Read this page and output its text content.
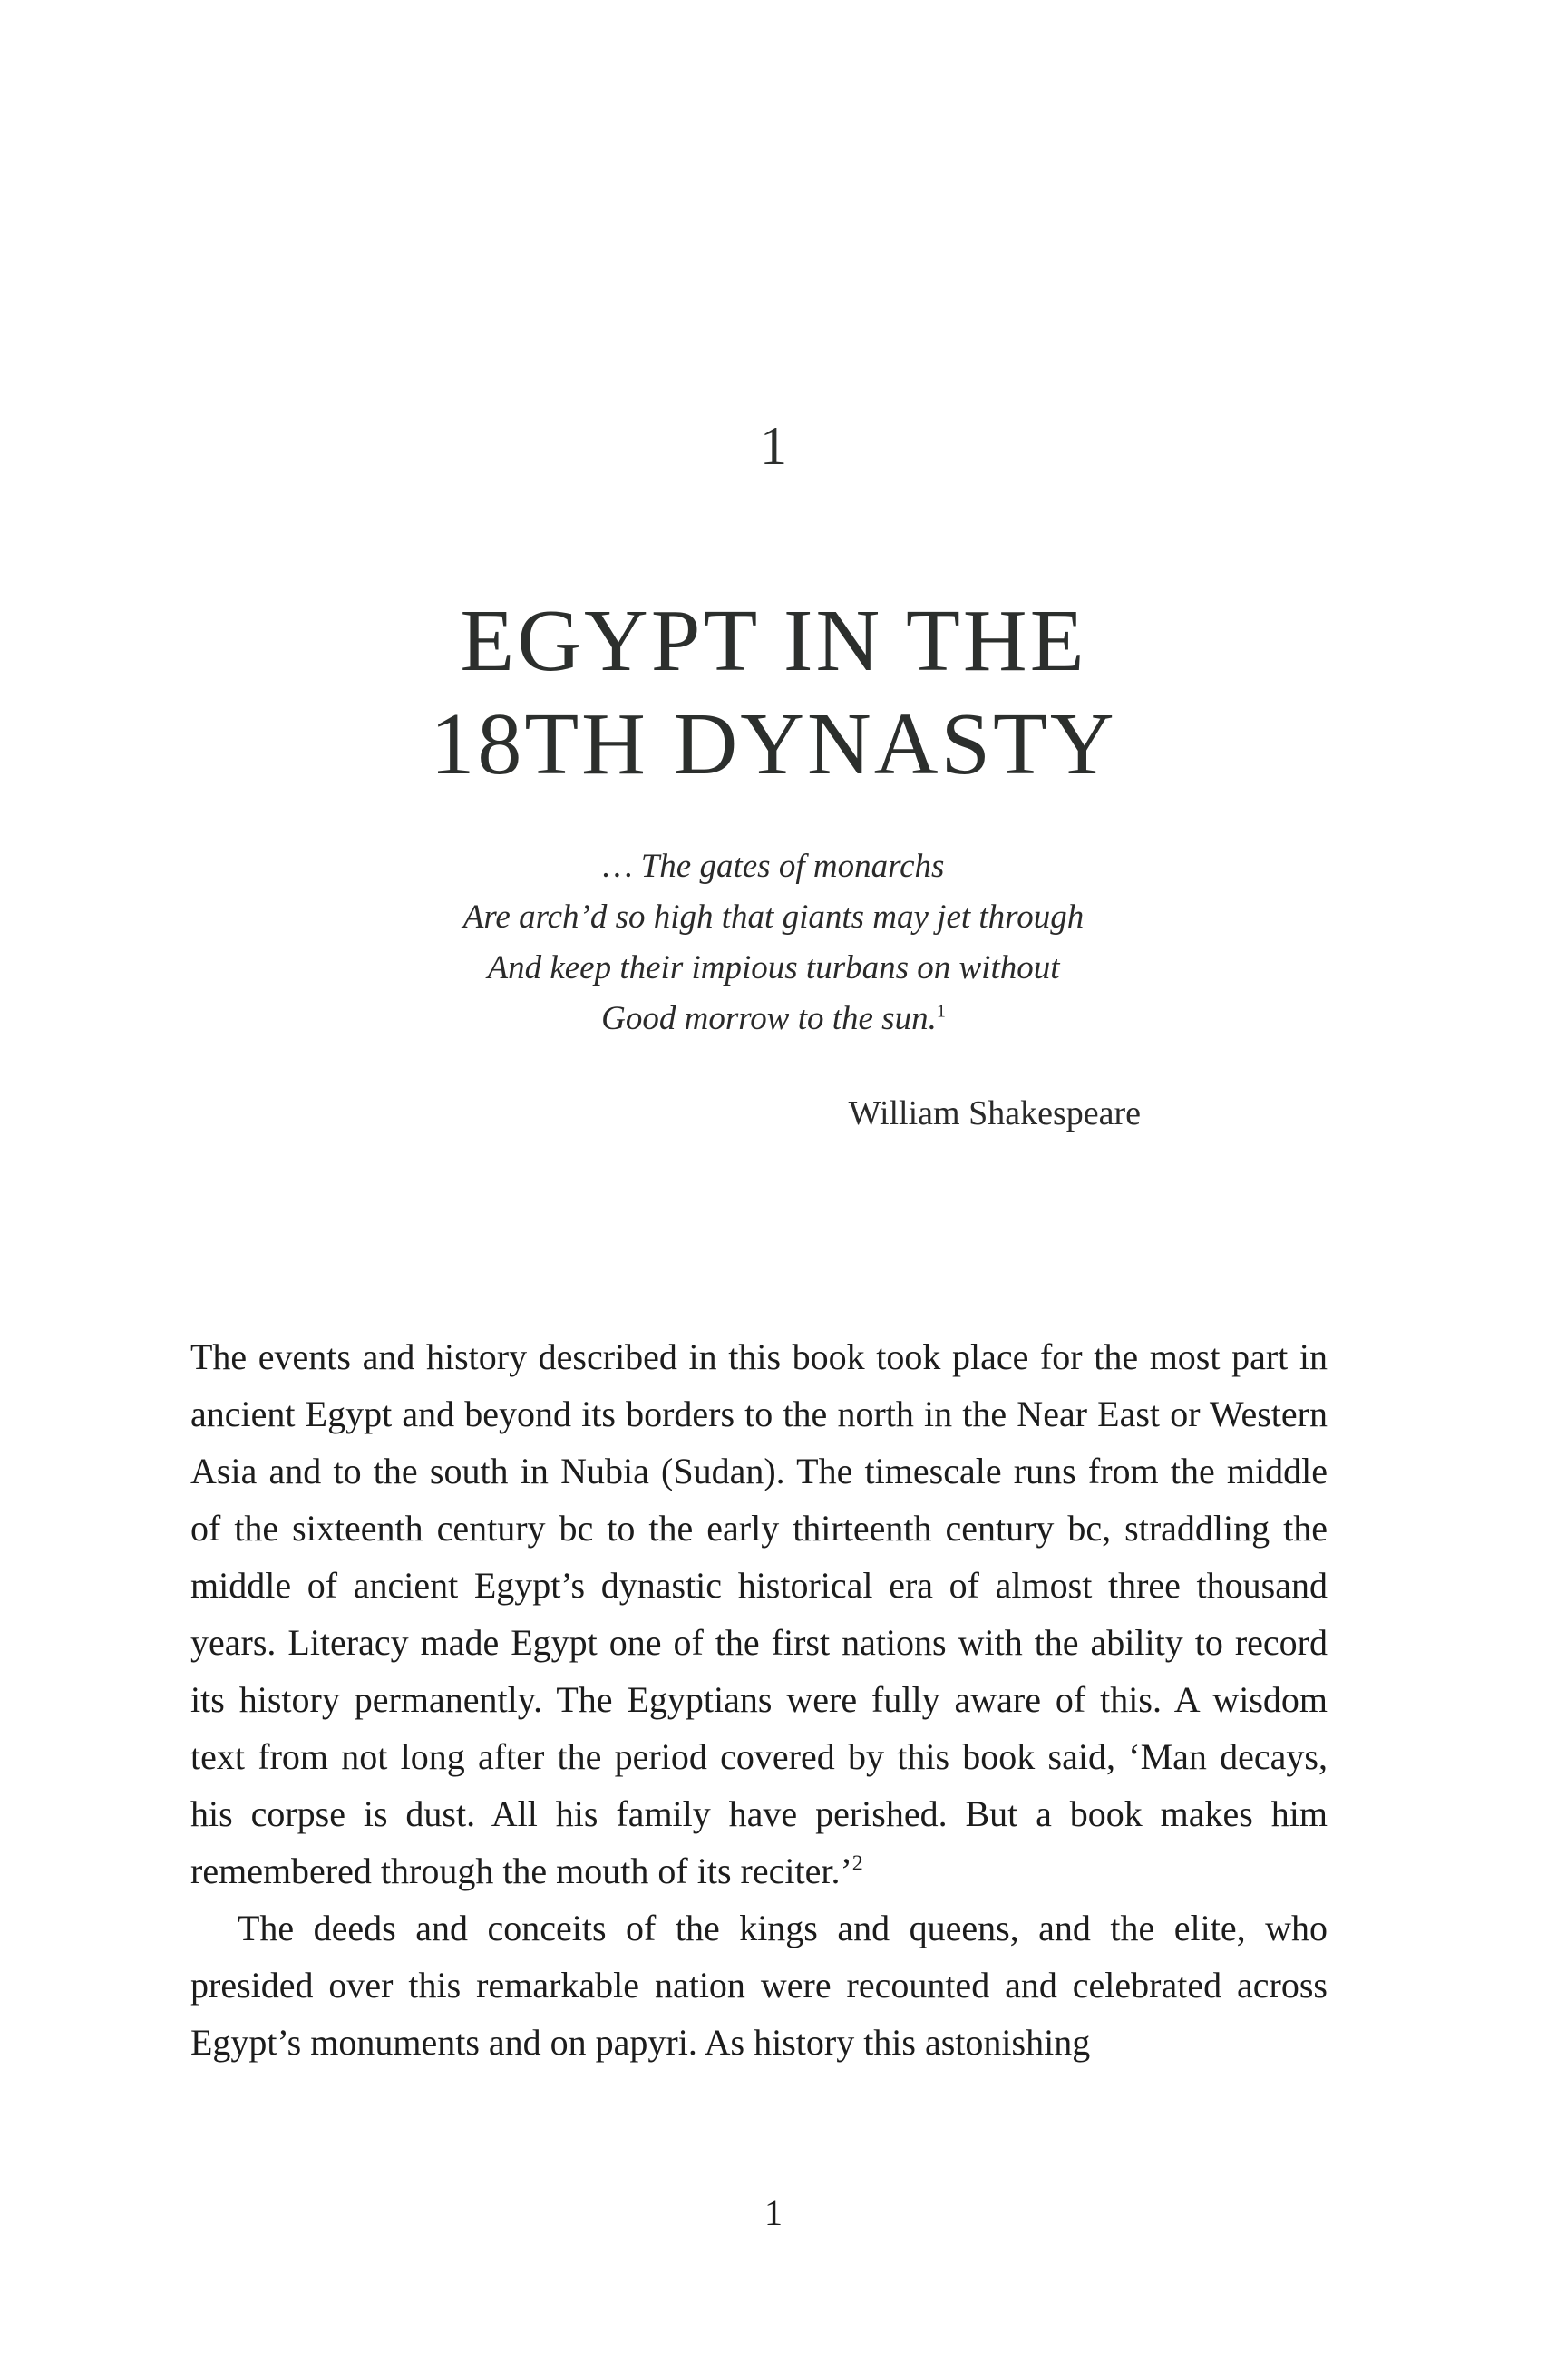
1
EGYPT IN THE
18TH DYNASTY
… The gates of monarchs
Are arch’d so high that giants may jet through
And keep their impious turbans on without
Good morrow to the sun.$^1$
William Shakespeare

The events and history described in this book took place for the most part in ancient Egypt and beyond its borders to the north in the Near East or Western Asia and to the south in Nubia (Sudan). The timescale runs from the middle of the sixteenth century bc to the early thirteenth century bc, straddling the middle of ancient Egypt’s dynastic historical era of almost three thousand years. Literacy made Egypt one of the first nations with the ability to record its history permanently. The Egyptians were fully aware of this. A wisdom text from not long after the period covered by this book said, ‘Man decays, his corpse is dust. All his family have perished. But a book makes him remembered through the mouth of its reciter.’$^2$

The deeds and conceits of the kings and queens, and the elite, who presided over this remarkable nation were recounted and celebrated across Egypt’s monuments and on papyri. As history this astonishing

1
